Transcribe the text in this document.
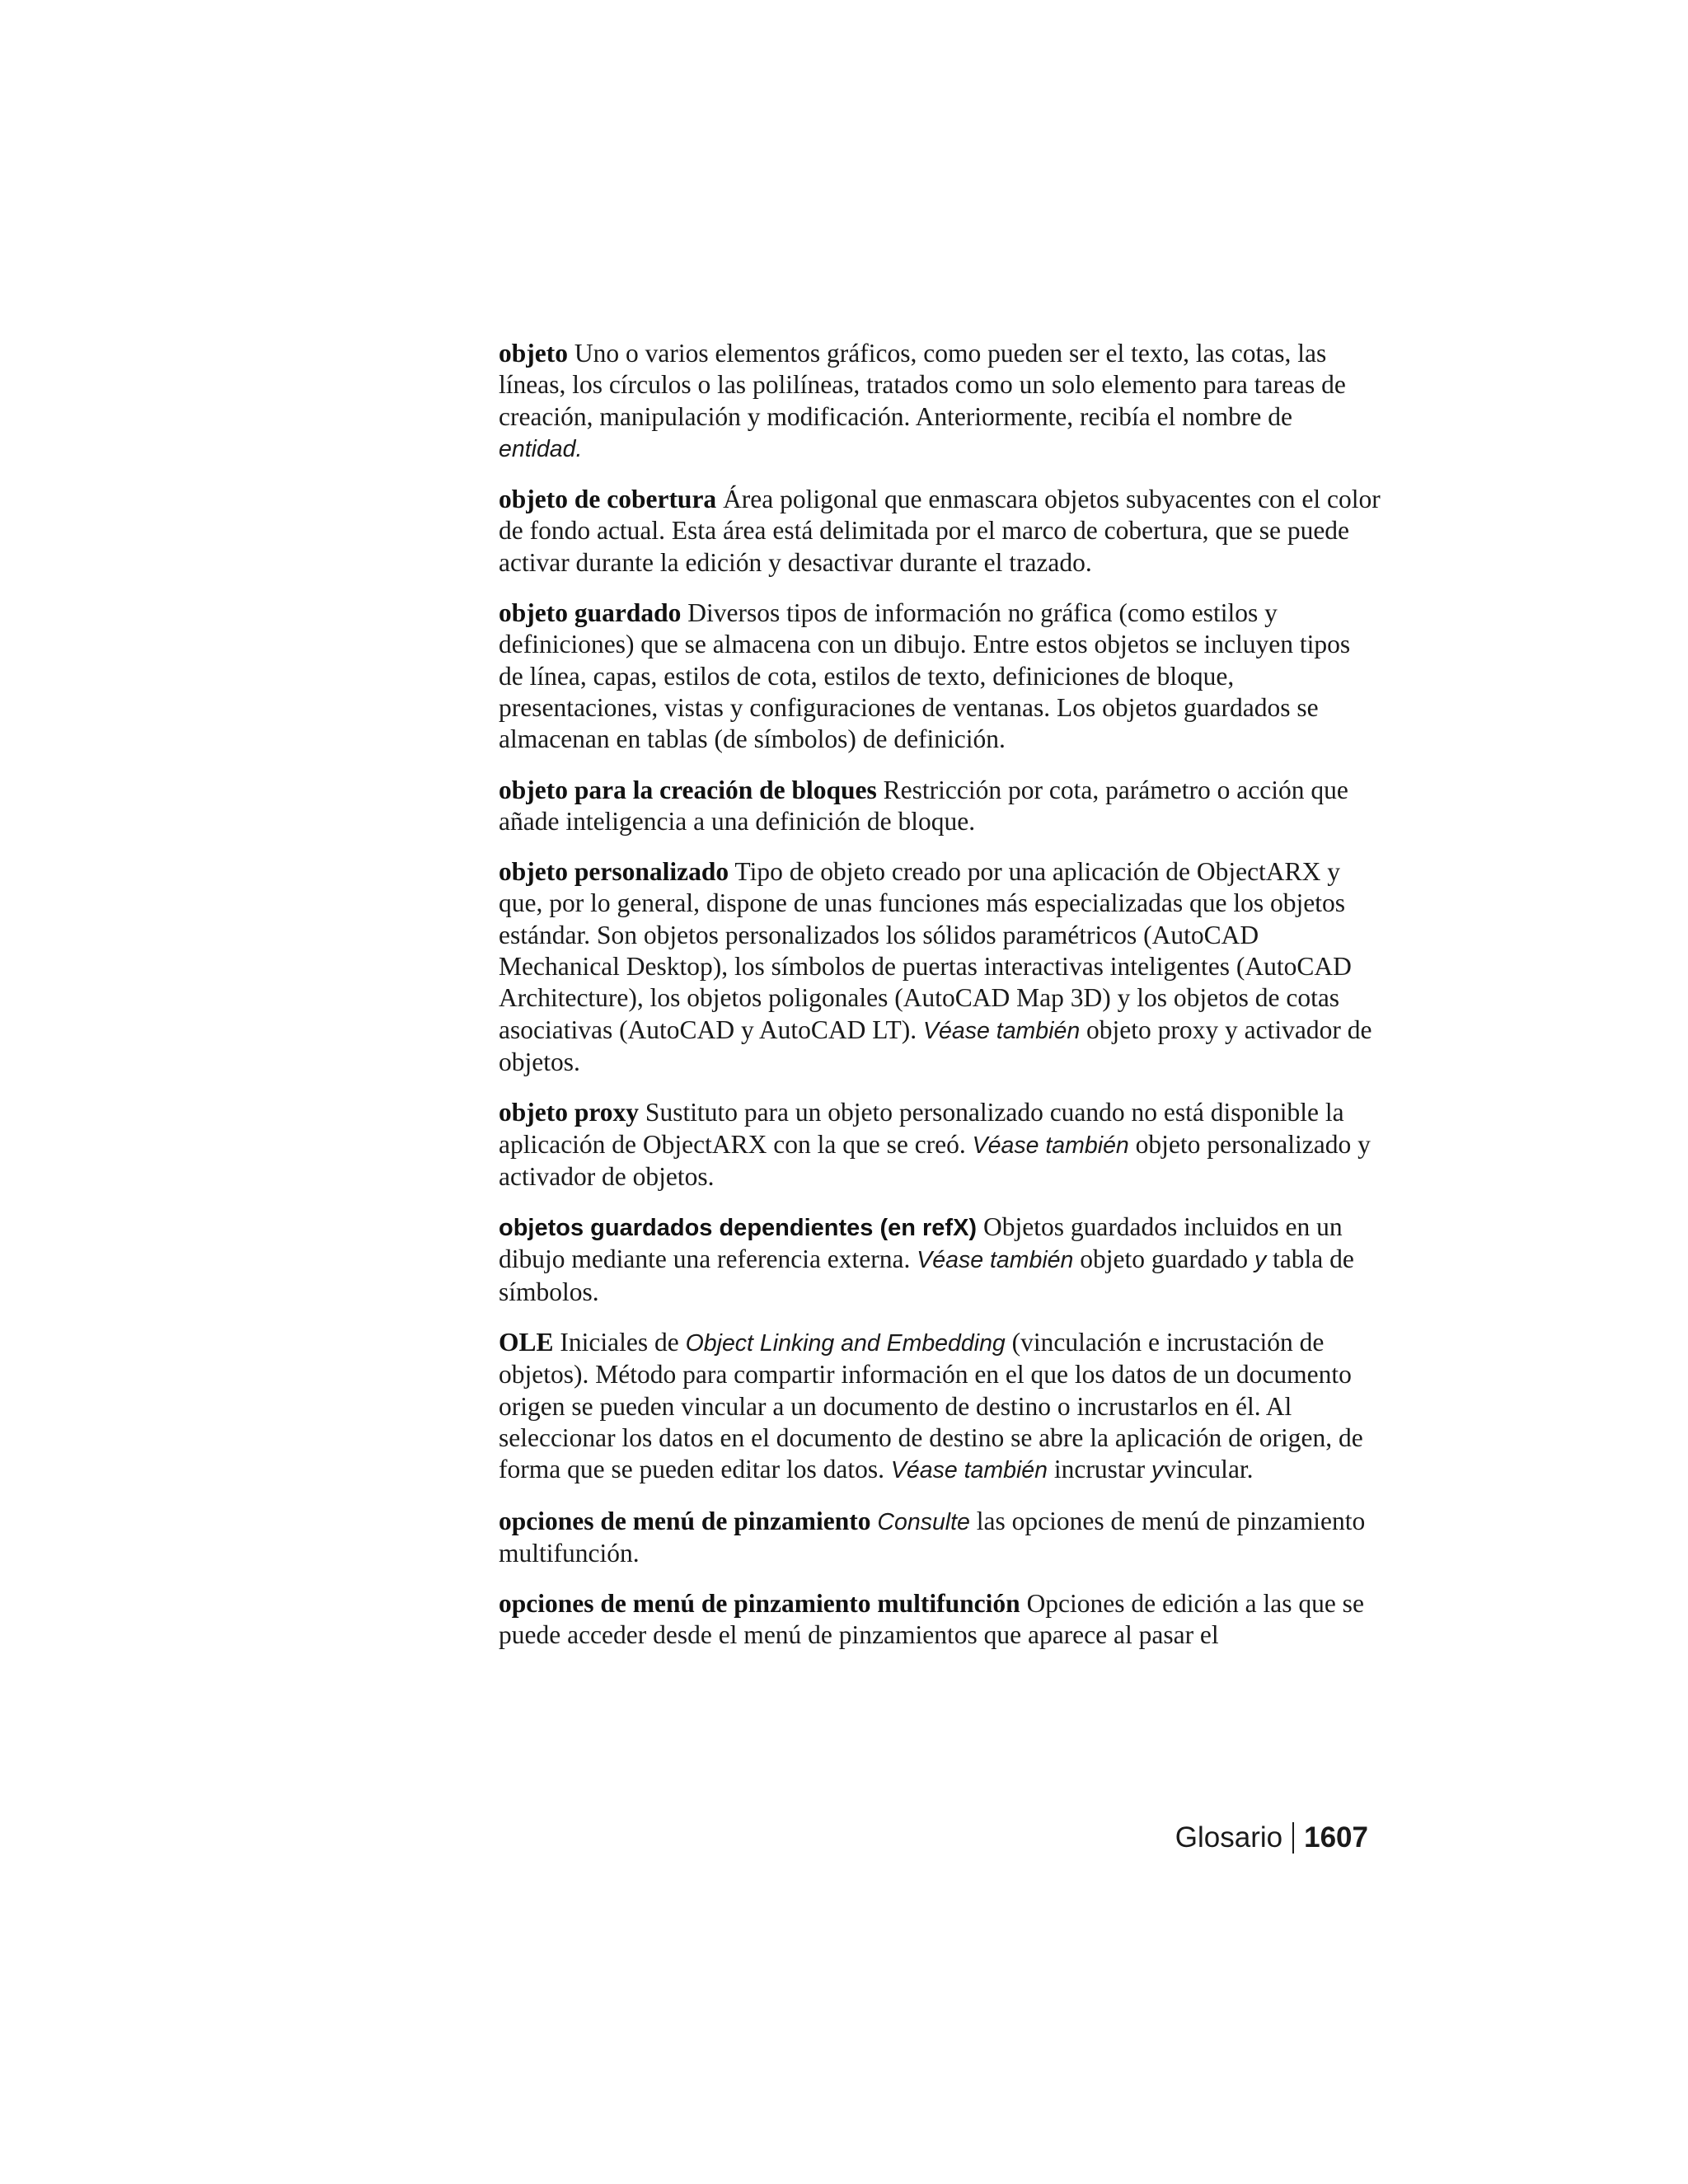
objeto Uno o varios elementos gráficos, como pueden ser el texto, las cotas, las líneas, los círculos o las polilíneas, tratados como un solo elemento para tareas de creación, manipulación y modificación. Anteriormente, recibía el nombre de entidad.

objeto de cobertura Área poligonal que enmascara objetos subyacentes con el color de fondo actual. Esta área está delimitada por el marco de cobertura, que se puede activar durante la edición y desactivar durante el trazado.

objeto guardado Diversos tipos de información no gráfica (como estilos y definiciones) que se almacena con un dibujo. Entre estos objetos se incluyen tipos de línea, capas, estilos de cota, estilos de texto, definiciones de bloque, presentaciones, vistas y configuraciones de ventanas. Los objetos guardados se almacenan en tablas (de símbolos) de definición.

objeto para la creación de bloques Restricción por cota, parámetro o acción que añade inteligencia a una definición de bloque.

objeto personalizado Tipo de objeto creado por una aplicación de ObjectARX y que, por lo general, dispone de unas funciones más especializadas que los objetos estándar. Son objetos personalizados los sólidos paramétricos (AutoCAD Mechanical Desktop), los símbolos de puertas interactivas inteligentes (AutoCAD Architecture), los objetos poligonales (AutoCAD Map 3D) y los objetos de cotas asociativas (AutoCAD y AutoCAD LT). Véase también objeto proxy y activador de objetos.

objeto proxy Sustituto para un objeto personalizado cuando no está disponible la aplicación de ObjectARX con la que se creó. Véase también objeto personalizado y activador de objetos.

objetos guardados dependientes (en refX) Objetos guardados incluidos en un dibujo mediante una referencia externa. Véase también objeto guardado y tabla de símbolos.

OLE Iniciales de Object Linking and Embedding (vinculación e incrustación de objetos). Método para compartir información en el que los datos de un documento origen se pueden vincular a un documento de destino o incrustarlos en él. Al seleccionar los datos en el documento de destino se abre la aplicación de origen, de forma que se pueden editar los datos. Véase también incrustar yvincular.

opciones de menú de pinzamiento Consulte las opciones de menú de pinzamiento multifunción.

opciones de menú de pinzamiento multifunción Opciones de edición a las que se puede acceder desde el menú de pinzamientos que aparece al pasar el

Glosario 1607
